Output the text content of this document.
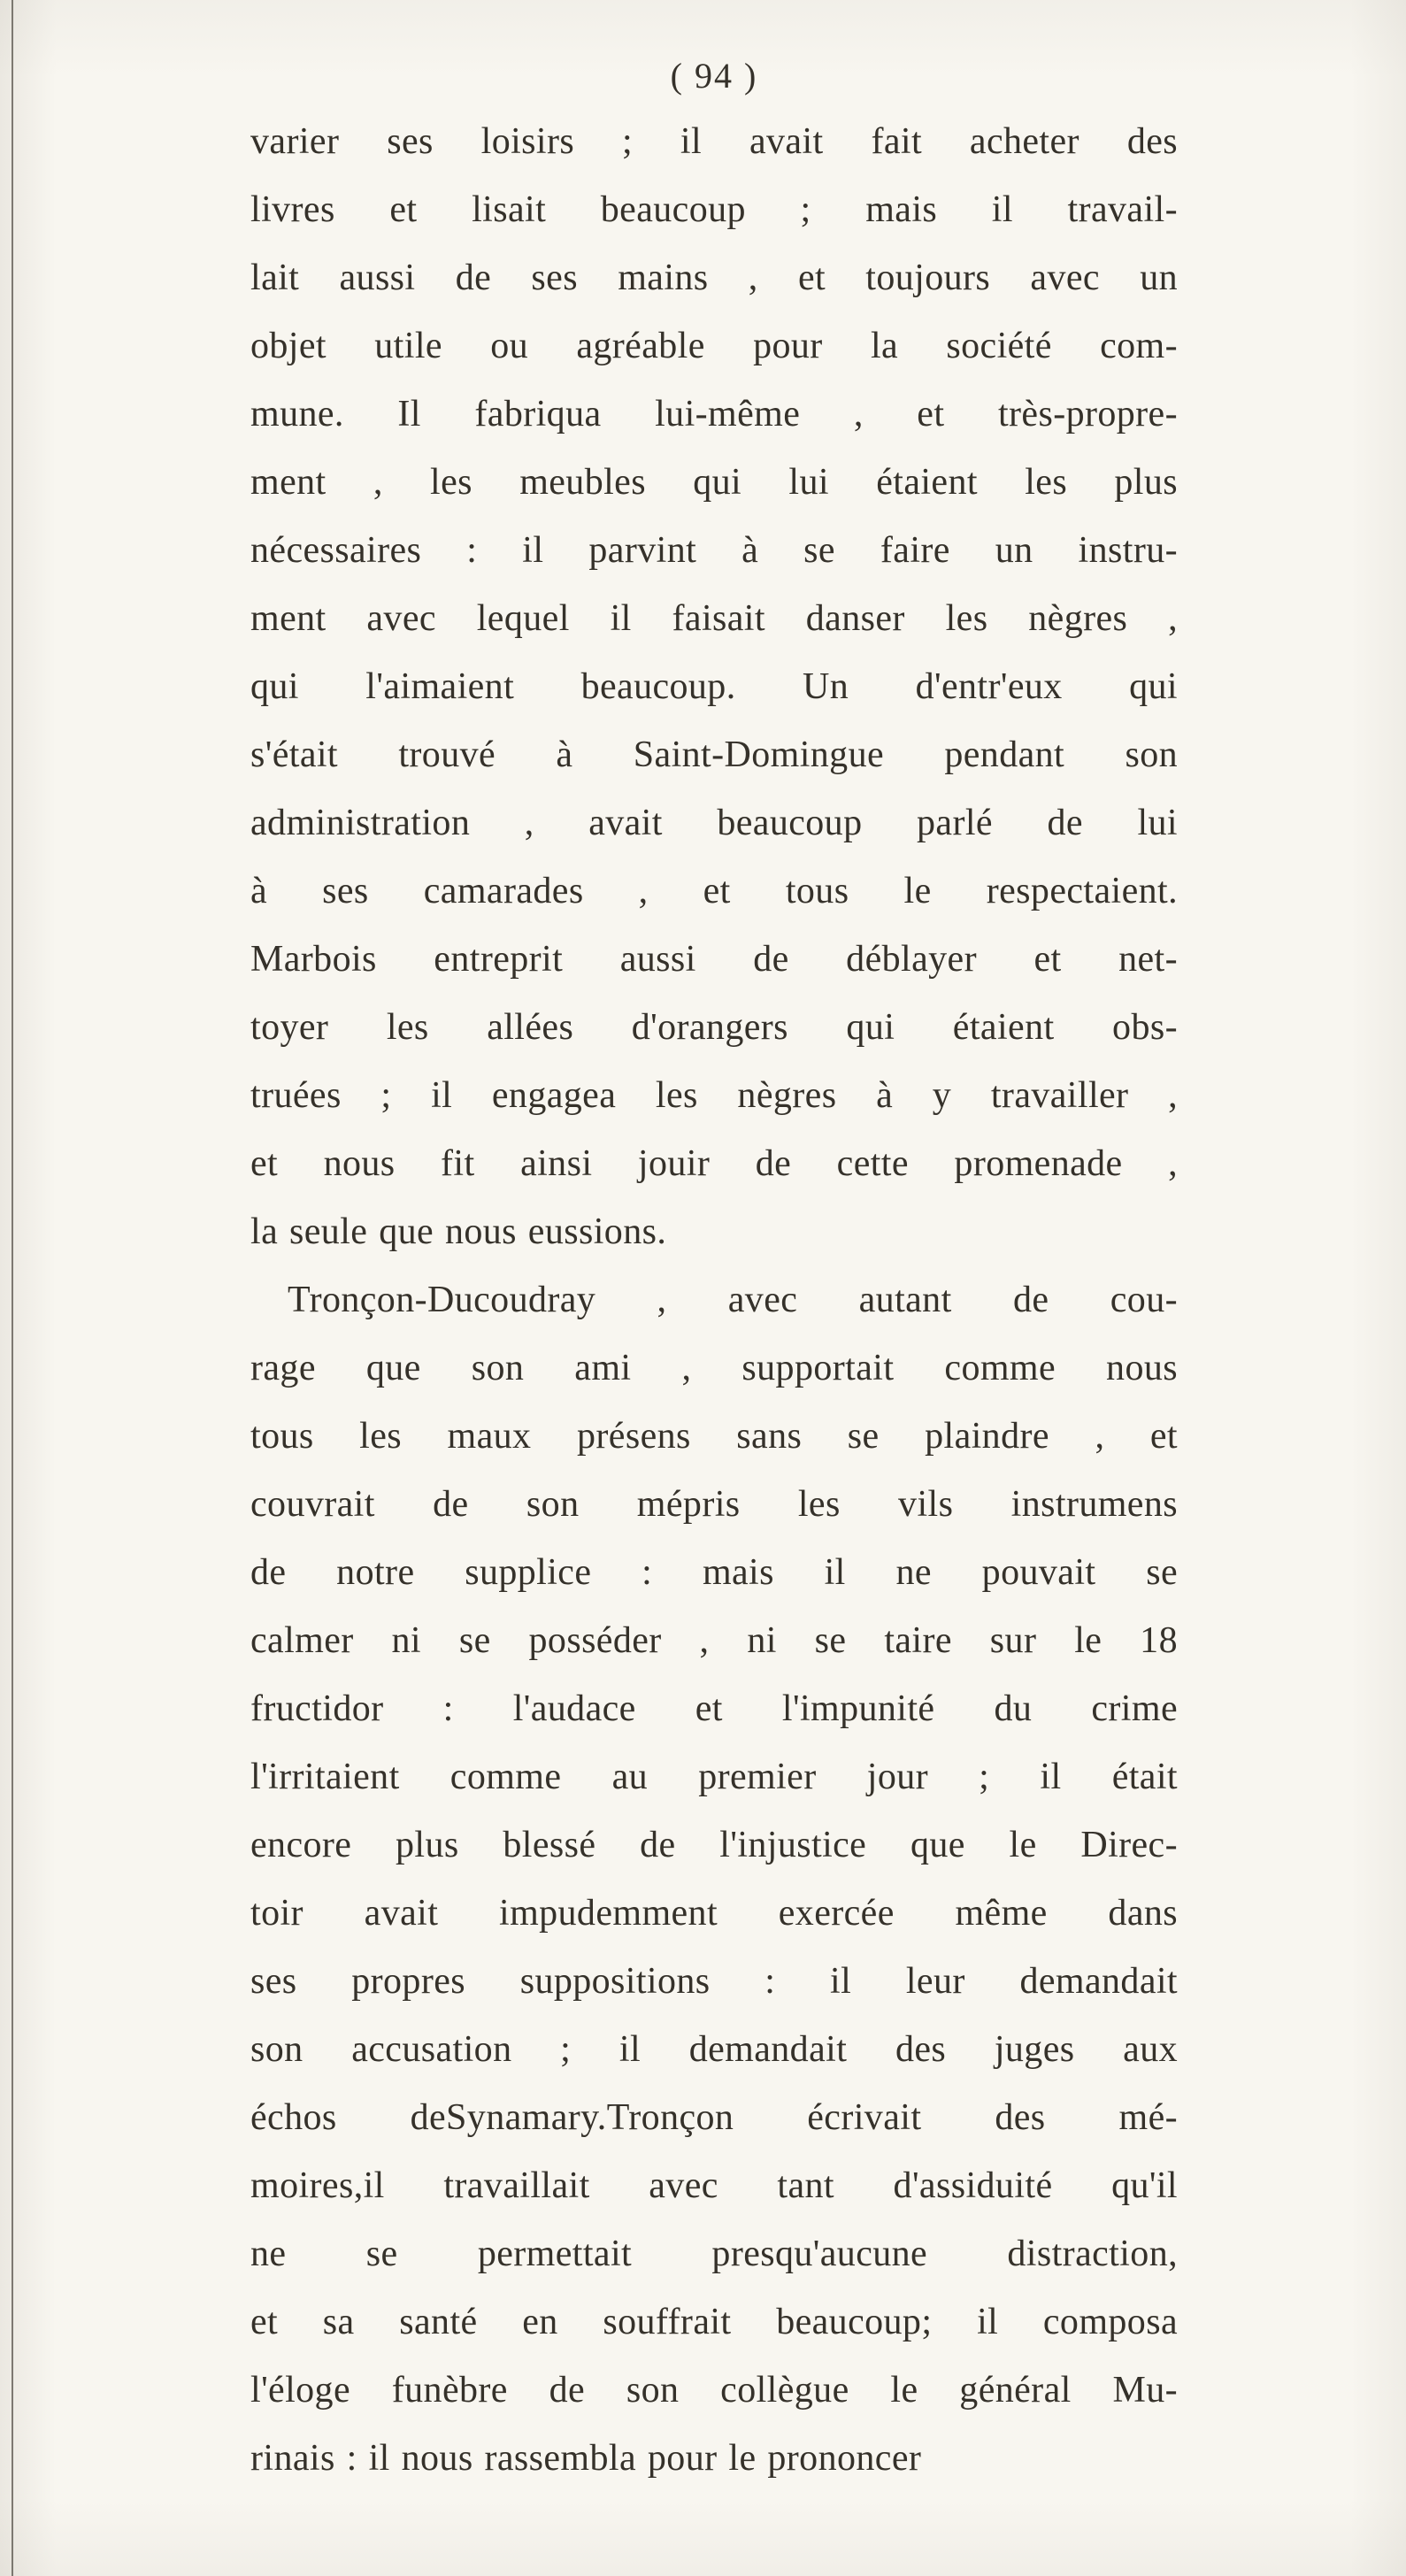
( 94 )
varier ses loisirs ; il avait fait acheter des
livres et lisait beaucoup ; mais il travail-
lait aussi de ses mains , et toujours avec un
objet utile ou agréable pour la société com-
mune. Il fabriqua lui-même , et très-propre-
ment , les meubles qui lui étaient les plus
nécessaires : il parvint à se faire un instru-
ment avec lequel il faisait danser les nègres ,
qui l'aimaient beaucoup. Un d'entr'eux qui
s'était trouvé à Saint-Domingue pendant son
administration , avait beaucoup parlé de lui
à ses camarades , et tous le respectaient.
Marbois entreprit aussi de déblayer et net-
toyer les allées d'orangers qui étaient obs-
truées ; il engagea les nègres à y travailler ,
et nous fit ainsi jouir de cette promenade ,
la seule que nous eussions.
Tronçon-Ducoudray , avec autant de cou-
rage que son ami , supportait comme nous
tous les maux présens sans se plaindre , et
couvrait de son mépris les vils instrumens
de notre supplice : mais il ne pouvait se
calmer ni se posséder , ni se taire sur le 18
fructidor : l'audace et l'impunité du crime
l'irritaient comme au premier jour ; il était
encore plus blessé de l'injustice que le Direc-
toir avait impudemment exercée même dans
ses propres suppositions : il leur demandait
son accusation ; il demandait des juges aux
échos deSynamary.Tronçon écrivait des mé-
moires,il travaillait avec tant d'assiduité qu'il
ne se permettait presqu'aucune distraction,
et sa santé en souffrait beaucoup; il composa
l'éloge funèbre de son collègue le général Mu-
rinais : il nous rassembla pour le prononcer
